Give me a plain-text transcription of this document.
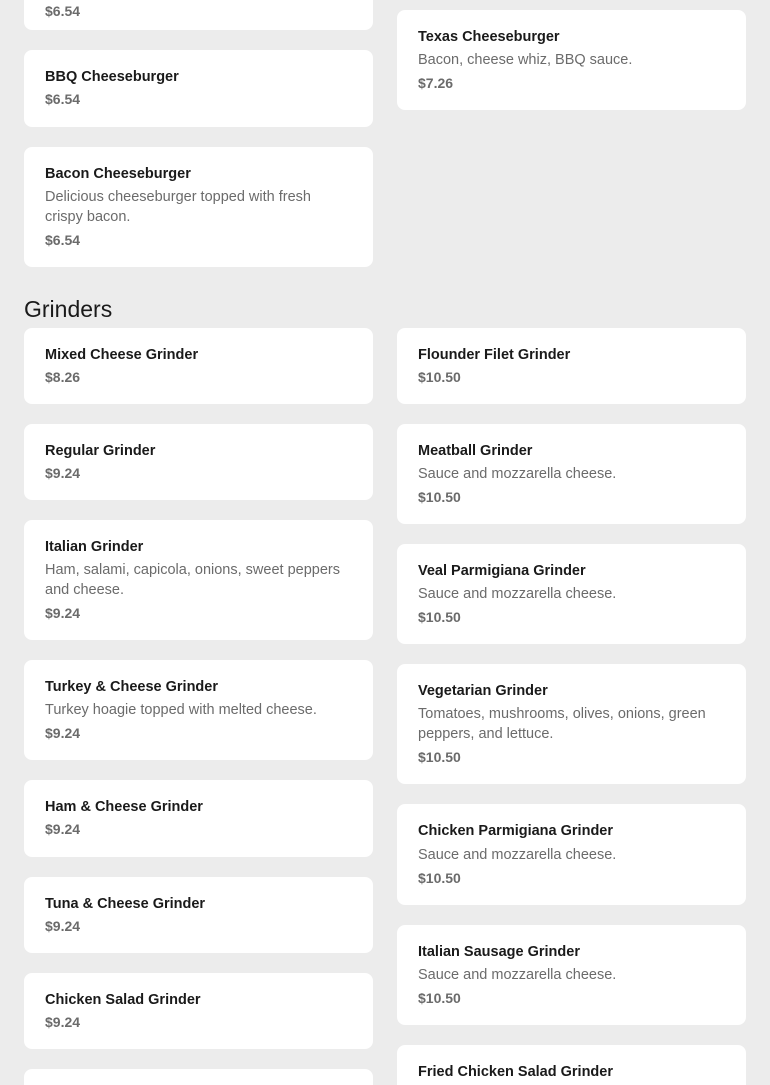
$6.54
BBQ Cheeseburger
$6.54
Bacon Cheeseburger
Delicious cheeseburger topped with fresh crispy bacon.
$6.54
Texas Cheeseburger
Bacon, cheese whiz, BBQ sauce.
$7.26
Grinders
Mixed Cheese Grinder
$8.26
Regular Grinder
$9.24
Italian Grinder
Ham, salami, capicola, onions, sweet peppers and cheese.
$9.24
Turkey & Cheese Grinder
Turkey hoagie topped with melted cheese.
$9.24
Ham & Cheese Grinder
$9.24
Tuna & Cheese Grinder
$9.24
Chicken Salad Grinder
$9.24
Flounder Filet Grinder
$10.50
Meatball Grinder
Sauce and mozzarella cheese.
$10.50
Veal Parmigiana Grinder
Sauce and mozzarella cheese.
$10.50
Vegetarian Grinder
Tomatoes, mushrooms, olives, onions, green peppers, and lettuce.
$10.50
Chicken Parmigiana Grinder
Sauce and mozzarella cheese.
$10.50
Italian Sausage Grinder
Sauce and mozzarella cheese.
$10.50
Fried Chicken Salad Grinder
